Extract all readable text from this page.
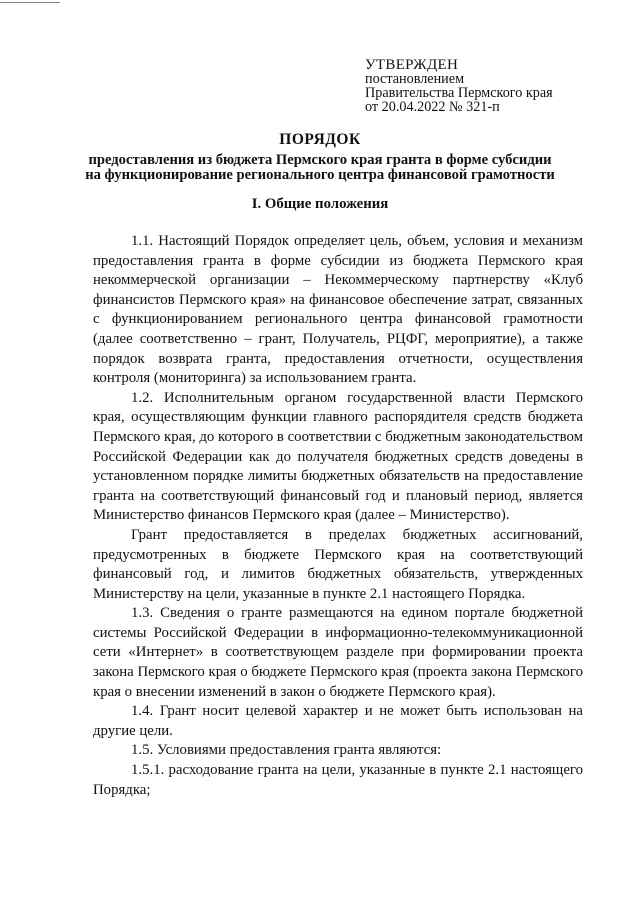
УТВЕРЖДЕН
постановлением
Правительства Пермского края
от 20.04.2022 № 321-п
ПОРЯДОК
предоставления из бюджета Пермского края гранта в форме субсидии
на функционирование регионального центра финансовой грамотности
I. Общие положения

1.1. Настоящий Порядок определяет цель, объем, условия и механизм предоставления гранта в форме субсидии из бюджета Пермского края некоммерческой организации – Некоммерческому партнерству «Клуб финансистов Пермского края» на финансовое обеспечение затрат, связанных с функционированием регионального центра финансовой грамотности (далее соответственно – грант, Получатель, РЦФГ, мероприятие), а также порядок возврата гранта, предоставления отчетности, осуществления контроля (мониторинга) за использованием гранта.

1.2. Исполнительным органом государственной власти Пермского края, осуществляющим функции главного распорядителя средств бюджета Пермского края, до которого в соответствии с бюджетным законодательством Российской Федерации как до получателя бюджетных средств доведены в установленном порядке лимиты бюджетных обязательств на предоставление гранта на соответствующий финансовый год и плановый период, является Министерство финансов Пермского края (далее – Министерство).

Грант предоставляется в пределах бюджетных ассигнований, предусмотренных в бюджете Пермского края на соответствующий финансовый год, и лимитов бюджетных обязательств, утвержденных Министерству на цели, указанные в пункте 2.1 настоящего Порядка.

1.3. Сведения о гранте размещаются на едином портале бюджетной системы Российской Федерации в информационно-телекоммуникационной сети «Интернет» в соответствующем разделе при формировании проекта закона Пермского края о бюджете Пермского края (проекта закона Пермского края о внесении изменений в закон о бюджете Пермского края).

1.4. Грант носит целевой характер и не может быть использован на другие цели.

1.5. Условиями предоставления гранта являются:

1.5.1. расходование гранта на цели, указанные в пункте 2.1 настоящего Порядка;
